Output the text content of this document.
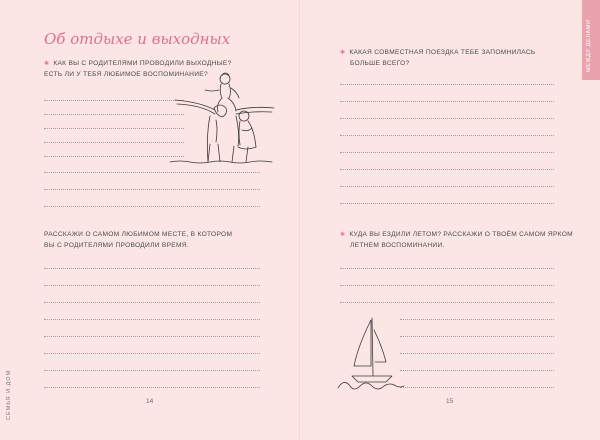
Об отдыхе и выходных
✱ КАК ВЫ С РОДИТЕЛЯМИ ПРОВОДИЛИ ВЫХОДНЫЕ?
ЕСТЬ ЛИ У ТЕБЯ ЛЮБИМОЕ ВОСПОМИНАНИЕ?
РАССКАЖИ О САМОМ ЛЮБИМОМ МЕСТЕ, В КОТОРОМ
ВЫ С РОДИТЕЛЯМИ ПРОВОДИЛИ ВРЕМЯ.
14
СЕМЬЯ И ДОМ
МЕЖДУ ДЕЛАМИ
✱ КАКАЯ СОВМЕСТНАЯ ПОЕЗДКА ТЕБЕ ЗАПОМНИЛАСЬ
БОЛЬШЕ ВСЕГО?
✱ КУДА ВЫ ЕЗДИЛИ ЛЕТОМ? РАССКАЖИ О ТВОЁМ САМОМ ЯРКОМ
ЛЕТНЕМ ВОСПОМИНАНИИ.
15
